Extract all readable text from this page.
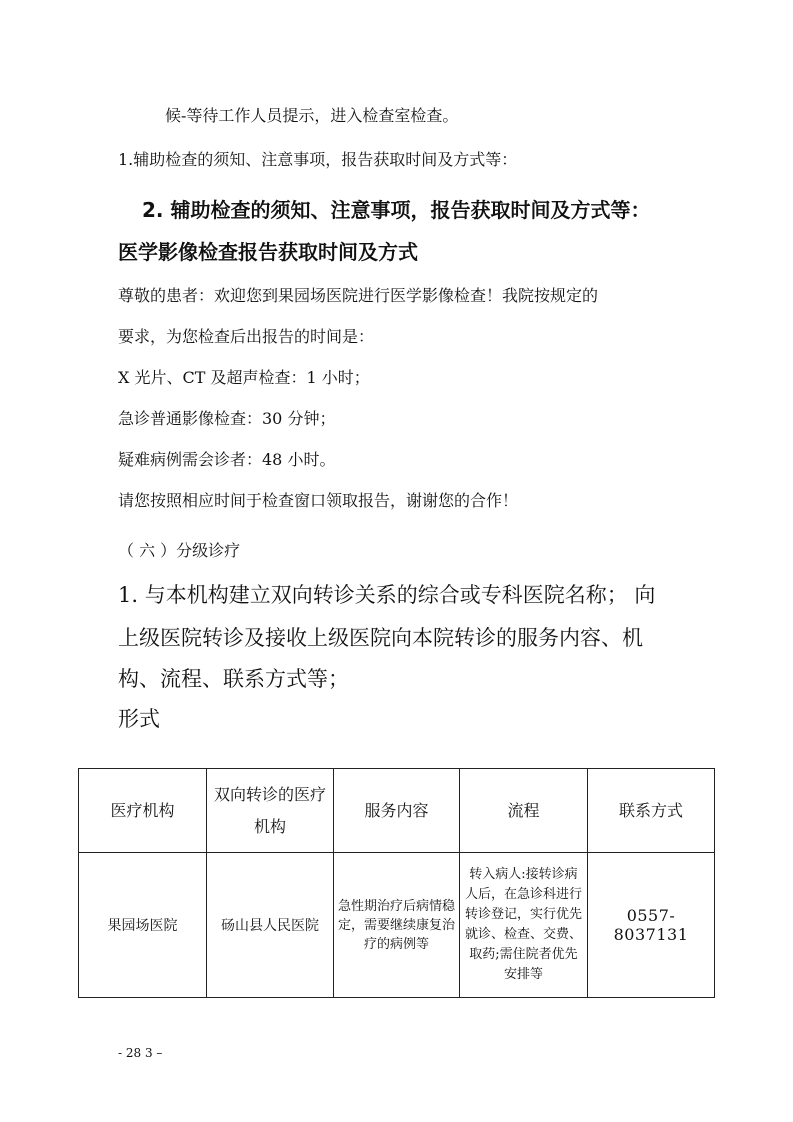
候-等待工作人员提示，进入检查室检查。
1.辅助检查的须知、注意事项，报告获取时间及方式等：
2. 辅助检查的须知、注意事项，报告获取时间及方式等：
医学影像检查报告获取时间及方式
尊敬的患者：欢迎您到果园场医院进行医学影像检查！我院按规定的
要求，为您检查后出报告的时间是：
X 光片、CT 及超声检查：1 小时；
急诊普通影像检查：30 分钟；
疑难病例需会诊者：48 小时。
请您按照相应时间于检查窗口领取报告，谢谢您的合作！
（ 六 ）分级诊疗
1. 与本机构建立双向转诊关系的综合或专科医院名称； 向
上级医院转诊及接收上级医院向本院转诊的服务内容、机
构、流程、联系方式等；
形式
医疗机构	双向转诊的医疗机构	服务内容	流程	联系方式
果园场医院	砀山县人民医院	急性期治疗后病情稳定，需要继续康复治疗的病例等	转入病人:接转诊病人后，在急诊科进行转诊登记，实行优先就诊、检查、交费、取药;需住院者优先安排等	0557-8037131
- 28 3 –
